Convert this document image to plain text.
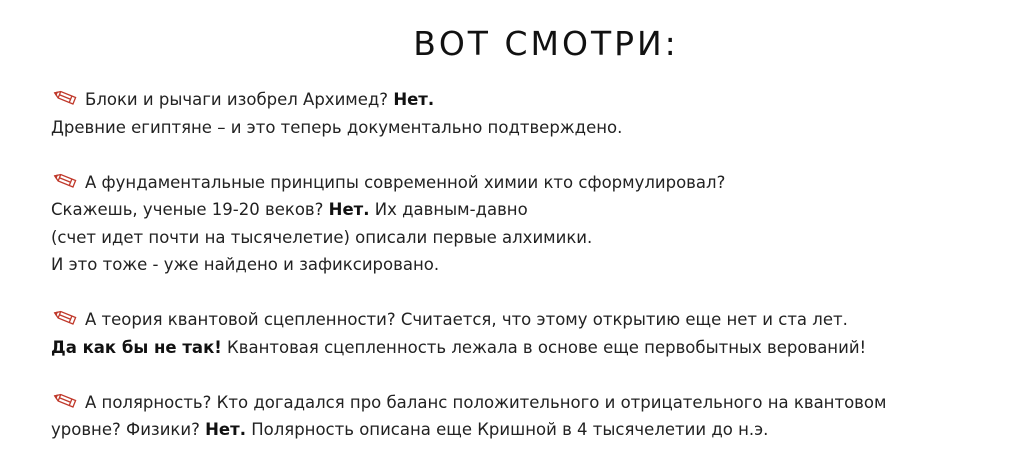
ВОТ СМОТРИ:
Блоки и рычаги изобрел Архимед? Нет.
Древние египтяне – и это теперь документально подтверждено.
А фундаментальные принципы современной химии кто сформулировал?
Скажешь, ученые 19-20 веков? Нет. Их давным-давно
(счет идет почти на тысячелетие) описали первые алхимики.
И это тоже - уже найдено и зафиксировано.
А теория квантовой сцепленности? Считается, что этому открытию еще нет и ста лет.
Да как бы не так! Квантовая сцепленность лежала в основе еще первобытных верований!
А полярность? Кто догадался про баланс положительного и отрицательного на квантовом
уровне? Физики? Нет. Полярность описана еще Кришной в 4 тысячелетии до н.э.
